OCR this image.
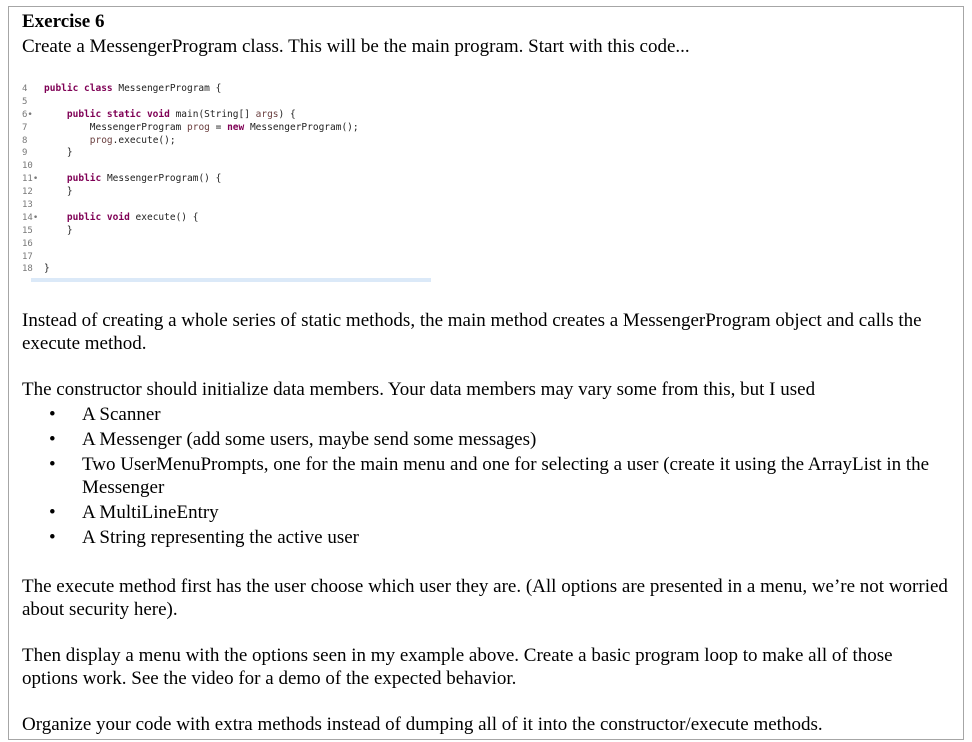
Exercise 6
Create a MessengerProgram class. This will be the main program. Start with this code...
4	public class MessengerProgram {
5
6•	public static void main(String[] args) {
7	MessengerProgram prog = new MessengerProgram();
8	prog.execute();
9	}
10
11•	public MessengerProgram() {
12	}
13
14•	public void execute() {
15	}
16
17
18	}
Instead of creating a whole series of static methods, the main method creates a MessengerProgram object and calls the execute method.
The constructor should initialize data members. Your data members may vary some from this, but I used
• A Scanner
• A Messenger (add some users, maybe send some messages)
• Two UserMenuPrompts, one for the main menu and one for selecting a user (create it using the ArrayList in the Messenger
• A MultiLineEntry
• A String representing the active user
The execute method first has the user choose which user they are. (All options are presented in a menu, we’re not worried about security here).
Then display a menu with the options seen in my example above. Create a basic program loop to make all of those options work. See the video for a demo of the expected behavior.
Organize your code with extra methods instead of dumping all of it into the constructor/execute methods.
